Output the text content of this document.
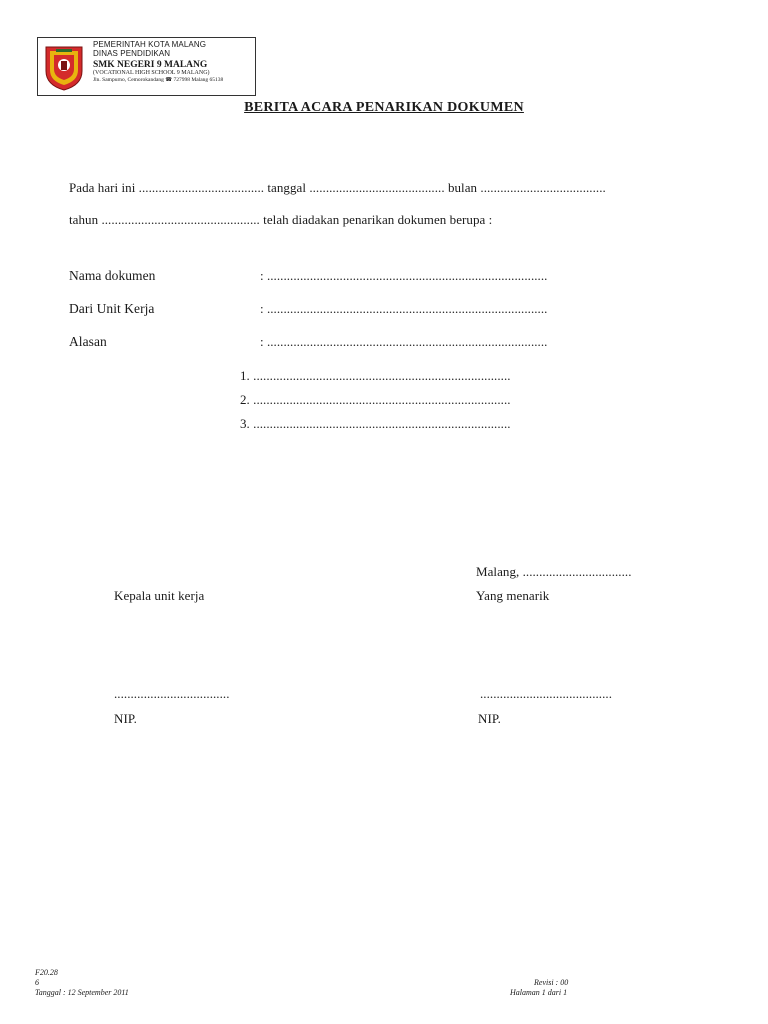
PEMERINTAH KOTA MALANG
DINAS PENDIDIKAN
SMK NEGERI 9 MALANG
(VOCATIONAL HIGH SCHOOL 9 MALANG)
Jln. Sampurno, Cemorokandang ☎ 727998 Malang 65138
BERITA ACARA PENARIKAN DOKUMEN
Pada hari ini ...................................... tanggal ......................................... bulan ......................................
tahun ................................................ telah diadakan penarikan dokumen berupa :
Nama dokumen	: .....................................................................................
Dari Unit Kerja	: .....................................................................................
Alasan	: .....................................................................................
1. ..............................................................................
2. ..............................................................................
3. ..............................................................................
Malang, .................................
Kepala unit kerja	Yang menarik
...................................	........................................
NIP.	NIP.
F20.28
6
Tanggal : 12 September 2011
Revisi : 00
Halaman 1 dari 1
